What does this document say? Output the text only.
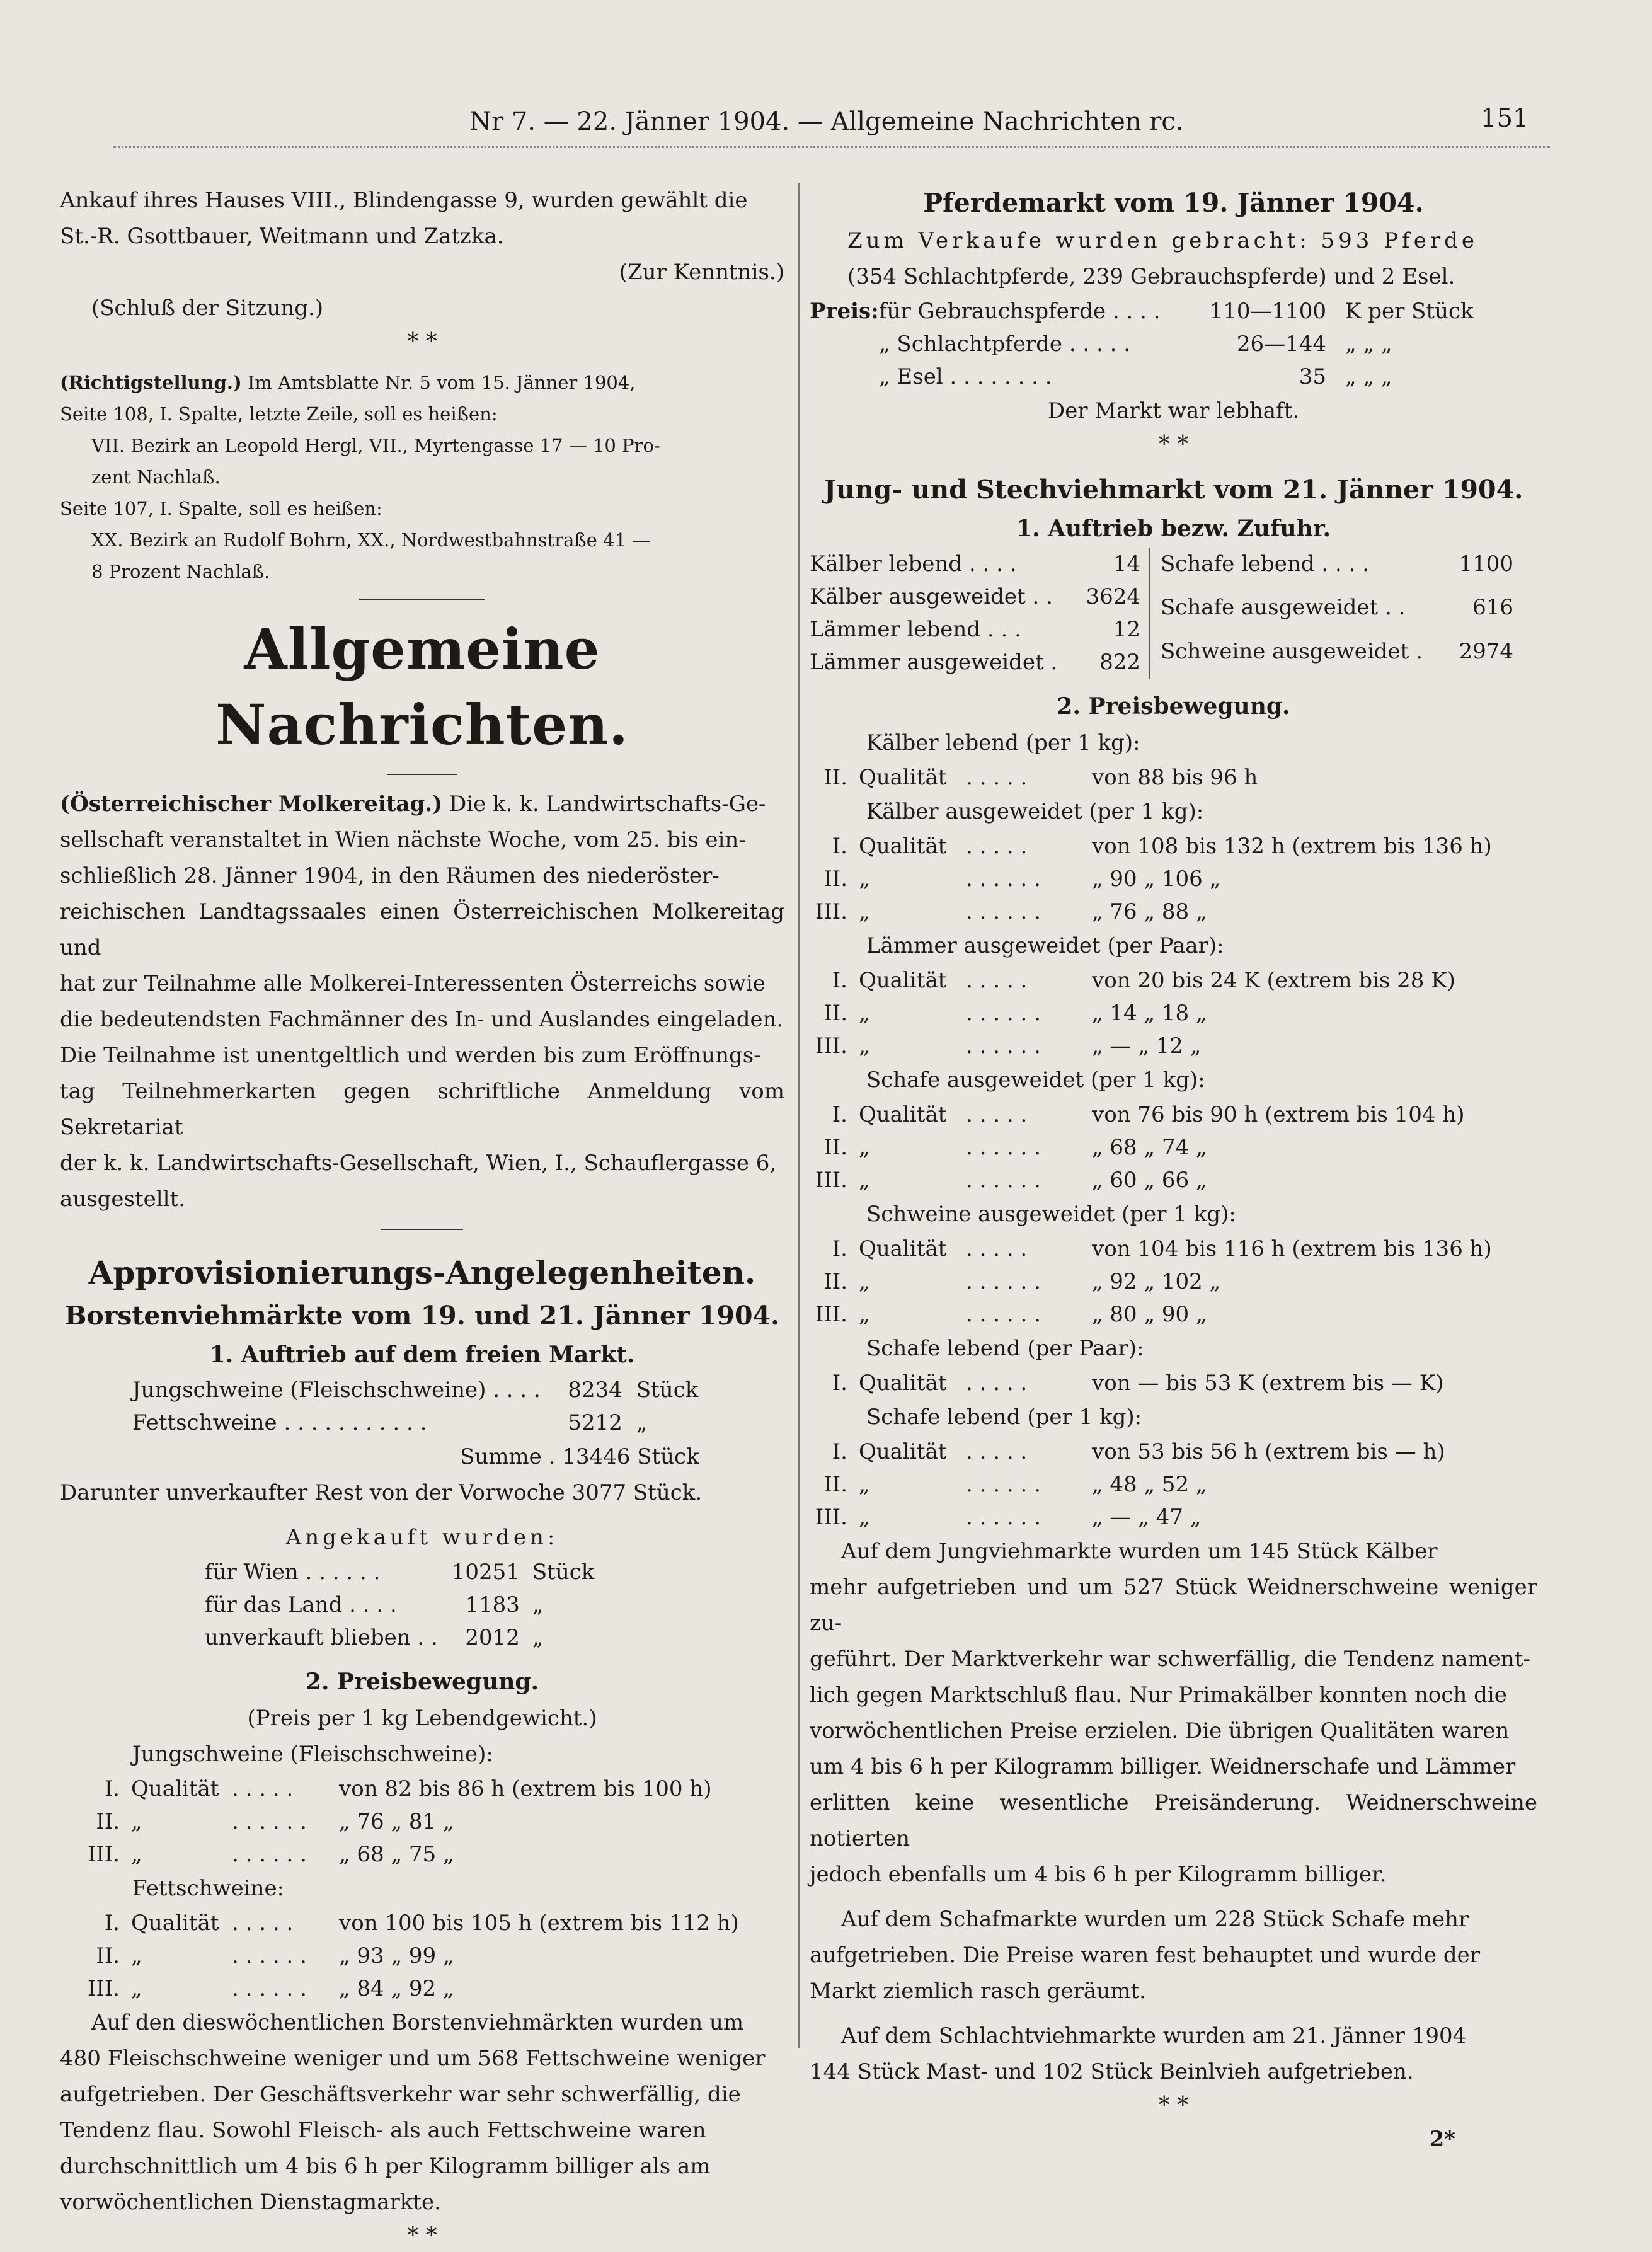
Nr 7. — 22. Jänner 1904. — Allgemeine Nachrichten rc.	151

Ankauf ihres Hauses VIII., Blindengasse 9, wurden gewählt die

St.-R. Gsottbauer, Weitmann und Zatzka.

(Zur Kenntnis.)

(Schluß der Sitzung.)

* *

(Richtigstellung.) Im Amtsblatte Nr. 5 vom 15. Jänner 1904,

Seite 108, I. Spalte, letzte Zeile, soll es heißen:

VII. Bezirk an Leopold Hergl, VII., Myrtengasse 17 — 10 Pro-

zent Nachlaß.

Seite 107, I. Spalte, soll es heißen:

XX. Bezirk an Rudolf Bohrn, XX., Nordwestbahnstraße 41 —

8 Prozent Nachlaß.

Allgemeine Nachrichten.

(Österreichischer Molkereitag.) Die k. k. Landwirtschafts-Ge-

sellschaft veranstaltet in Wien nächste Woche, vom 25. bis ein-

schließlich 28. Jänner 1904, in den Räumen des niederöster-

reichischen Landtagssaales einen Österreichischen Molkereitag und

hat zur Teilnahme alle Molkerei-Interessenten Österreichs sowie

die bedeutendsten Fachmänner des In- und Auslandes eingeladen.

Die Teilnahme ist unentgeltlich und werden bis zum Eröffnungs-

tag Teilnehmerkarten gegen schriftliche Anmeldung vom Sekretariat

der k. k. Landwirtschafts-Gesellschaft, Wien, I., Schauflergasse 6,

ausgestellt.

Approvisionierungs-Angelegenheiten.

Borstenviehmärkte vom 19. und 21. Jänner 1904.

1. Auftrieb auf dem freien Markt.

Jungschweine (Fleischschweine) . . . .	8234	Stück
Fettschweine . . . . . . . . . . .	5212	„

Summe . 13446 Stück

Darunter unverkaufter Rest von der Vorwoche 3077 Stück.

Angekauft wurden:

für Wien . . . . . .	10251	Stück
für das Land . . . .	1183	„
unverkauft blieben . .	2012	„

2. Preisbewegung.

(Preis per 1 kg Lebendgewicht.)

Jungschweine (Fleischschweine):

I.	Qualität	. . . . .	von 82 bis 86 h (extrem bis 100 h)
II.	„	. . . . . .	„ 76 „ 81 „
III.	„	. . . . . .	„ 68 „ 75 „

Fettschweine:

I.	Qualität	. . . . .	von 100 bis 105 h (extrem bis 112 h)
II.	„	. . . . . .	„ 93 „ 99 „
III.	„	. . . . . .	„ 84 „ 92 „

Auf den dieswöchentlichen Borstenviehmärkten wurden um

480 Fleischschweine weniger und um 568 Fettschweine weniger

aufgetrieben. Der Geschäftsverkehr war sehr schwerfällig, die

Tendenz flau. Sowohl Fleisch- als auch Fettschweine waren

durchschnittlich um 4 bis 6 h per Kilogramm billiger als am

vorwöchentlichen Dienstagmarkte.

* *

Pferdemarkt vom 19. Jänner 1904.

Zum Verkaufe wurden gebracht: 593 Pferde

(354 Schlachtpferde, 239 Gebrauchspferde) und 2 Esel.

Preis:	für Gebrauchspferde . . . .	110—1100	K per Stück
	„ Schlachtpferde . . . . .	26—144	„ „ „
	„ Esel . . . . . . . .	35	„ „ „

Der Markt war lebhaft.

* *

Jung- und Stechviehmarkt vom 21. Jänner 1904.

1. Auftrieb bezw. Zufuhr.

Kälber lebend . . . .	14
Kälber ausgeweidet . .	3624
Lämmer lebend . . .	12
Lämmer ausgeweidet .	822
Schafe lebend . . . .	1100
Schafe ausgeweidet . .	616
Schweine ausgeweidet .	2974

2. Preisbewegung.

Kälber lebend (per 1 kg):

II.	Qualität	. . . . .	von 88 bis 96 h

Kälber ausgeweidet (per 1 kg):

I.	Qualität	. . . . .	von 108 bis 132 h (extrem bis 136 h)
II.	„	. . . . . .	„ 90 „ 106 „
III.	„	. . . . . .	„ 76 „ 88 „

Lämmer ausgeweidet (per Paar):

I.	Qualität	. . . . .	von 20 bis 24 K (extrem bis 28 K)
II.	„	. . . . . .	„ 14 „ 18 „
III.	„	. . . . . .	„ — „ 12 „

Schafe ausgeweidet (per 1 kg):

I.	Qualität	. . . . .	von 76 bis 90 h (extrem bis 104 h)
II.	„	. . . . . .	„ 68 „ 74 „
III.	„	. . . . . .	„ 60 „ 66 „

Schweine ausgeweidet (per 1 kg):

I.	Qualität	. . . . .	von 104 bis 116 h (extrem bis 136 h)
II.	„	. . . . . .	„ 92 „ 102 „
III.	„	. . . . . .	„ 80 „ 90 „

Schafe lebend (per Paar):

I.	Qualität	. . . . .	von — bis 53 K (extrem bis — K)

Schafe lebend (per 1 kg):

I.	Qualität	. . . . .	von 53 bis 56 h (extrem bis — h)
II.	„	. . . . . .	„ 48 „ 52 „
III.	„	. . . . . .	„ — „ 47 „

Auf dem Jungviehmarkte wurden um 145 Stück Kälber

mehr aufgetrieben und um 527 Stück Weidnerschweine weniger zu-

geführt. Der Marktverkehr war schwerfällig, die Tendenz nament-

lich gegen Marktschluß flau. Nur Primakälber konnten noch die

vorwöchentlichen Preise erzielen. Die übrigen Qualitäten waren

um 4 bis 6 h per Kilogramm billiger. Weidnerschafe und Lämmer

erlitten keine wesentliche Preisänderung. Weidnerschweine notierten

jedoch ebenfalls um 4 bis 6 h per Kilogramm billiger.

Auf dem Schafmarkte wurden um 228 Stück Schafe mehr

aufgetrieben. Die Preise waren fest behauptet und wurde der

Markt ziemlich rasch geräumt.

Auf dem Schlachtviehmarkte wurden am 21. Jänner 1904

144 Stück Mast- und 102 Stück Beinlvieh aufgetrieben.

* *

2*
